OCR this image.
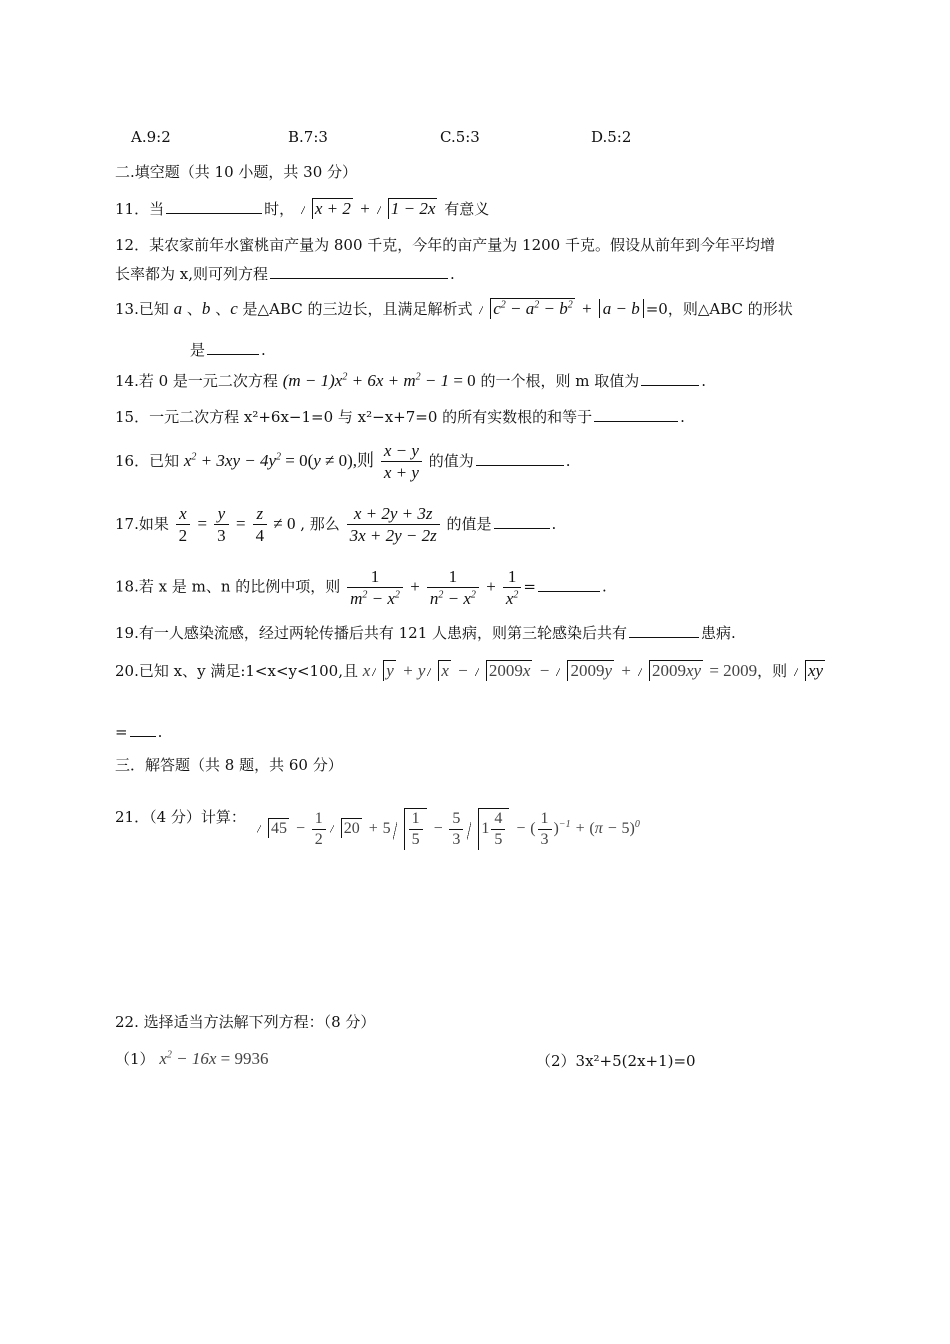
A.9:2	B.7:3	C.5:3	D.5:2
二.填空题（共 10 小题，共 30 分）
11．当	时， x + 2 + 1 − 2x 有意义
12．某农家前年水蜜桃亩产量为 800 千克，今年的亩产量为 1200 千克。假设从前年到今年平均增
长率都为 x,则可列方程	.
13.已知 a 、b 、c 是△ABC 的三边长，且满足解析式 $c^2 - a^2 - b^2 + a - b =0$，则△ABC 的形状
是	.
14.若 0 是一元二次方程 $(m - 1)x^2 + 6x + m^2 - 1 = 0$ 的一个根，则 m 取值为	.
15．一元二次方程 x²+6x−1=0 与 x²−x+7=0 的所有实数根的和等于	.
16．已知 $x^2 + 3xy - 4y^2 = 0(y \ne 0)$,则 $\frac{x - y}{x + y}$ 的值为	.
17.如果 $\frac{x}{2} = \frac{y}{3} = \frac{z}{4} \ne 0$ , 那么 $\frac{x + 2y + 3z}{3x + 2y - 2z}$ 的值是	.
18.若 x 是 m、n 的比例中项，则 $\frac{1}{m^2 - x^2} + \frac{1}{n^2 - x^2} + \frac{1}{x^2}$ =	.
19.有一人感染流感，经过两轮传播后共有 121 人患病，则第三轮感染后共有	患病.
20.已知 x、y 满足:1<x<y<100,且 x y + y x − 2009x − 2009y + 2009xy = 2009，则 xy
= .
三．解答题（共 8 题，共 60 分）
21．（4 分）计算：
$45 - \frac{1}{2} 20 + 5 \frac{1}{5} - \frac{5}{3} 1 \frac{4}{5}$ − ( $\frac{1}{3} )^{-1} + (\pi - 5)^0$
22. 选择适当方法解下列方程：（8 分）
（1） $x^2 - 16x = 9936$	（2）3x²+5(2x+1)=0
